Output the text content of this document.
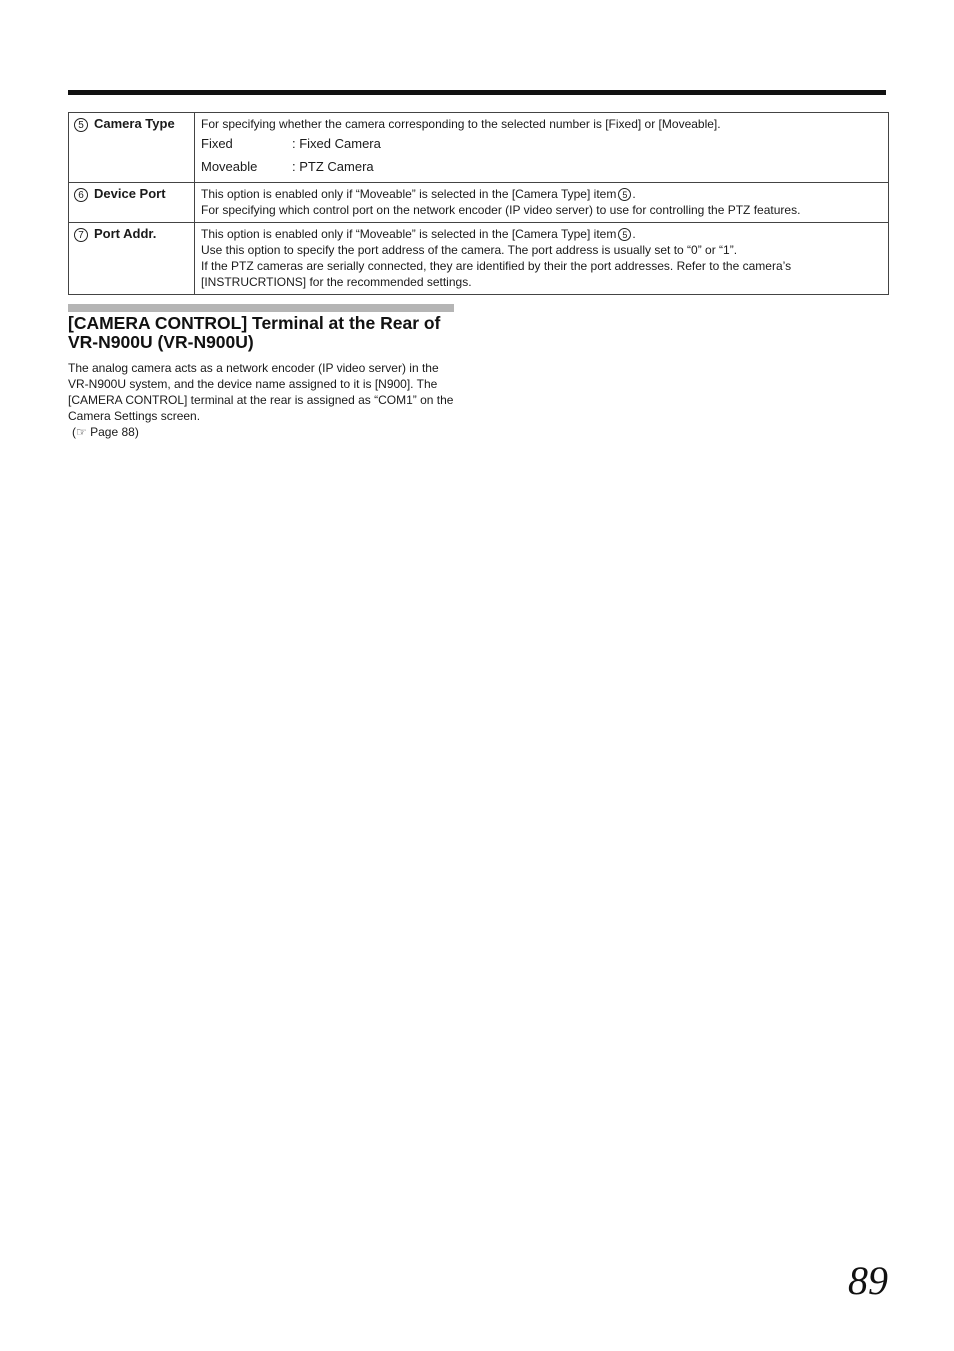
5 Camera Type	For specifying whether the camera corresponding to the selected number is [Fixed] or [Moveable].
Fixed : Fixed Camera
Moveable : PTZ Camera

6 Device Port	This option is enabled only if “Moveable” is selected in the [Camera Type] item 5 .
For specifying which control port on the network encoder (IP video server) to use for controlling the PTZ features.

7 Port Addr.	This option is enabled only if “Moveable” is selected in the [Camera Type] item 5 .
Use this option to specify the port address of the camera. The port address is usually set to “0” or “1”.
If the PTZ cameras are serially connected, they are identified by their the port addresses. Refer to the camera’s [INSTRUCRTIONS] for the recommended settings.
[CAMERA CONTROL] Terminal at the Rear of VR-N900U (VR-N900U)
The analog camera acts as a network encoder (IP video server) in the VR-N900U system, and the device name assigned to it is [N900]. The [CAMERA CONTROL] terminal at the rear is assigned as “COM1” on the Camera Settings screen.
(☞ Page 88)
89
